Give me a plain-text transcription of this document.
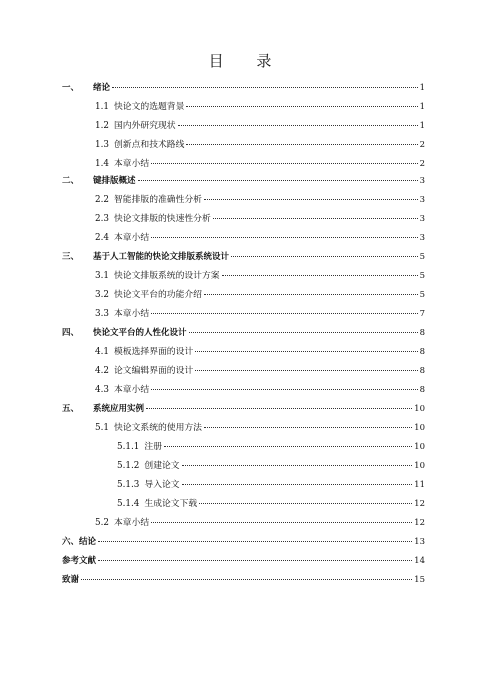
目 录
一、 绪论	1
1.1 快论文的选题背景	1
1.2 国内外研究现状	1
1.3 创新点和技术路线	2
1.4 本章小结	2
二、 键排版概述	3
2.2 智能排版的准确性分析	3
2.3 快论文排版的快速性分析	3
2.4 本章小结	3
三、 基于人工智能的快论文排版系统设计	5
3.1 快论文排版系统的设计方案	5
3.2 快论文平台的功能介绍	5
3.3 本章小结	7
四、 快论文平台的人性化设计	8
4.1 模板选择界面的设计	8
4.2 论文编辑界面的设计	8
4.3 本章小结	8
五、 系统应用实例	10
5.1 快论文系统的使用方法	10
5.1.1 注册	10
5.1.2 创建论文	10
5.1.3 导入论文	11
5.1.4 生成论文下载	12
5.2 本章小结	12
六、结论	13
参考文献	14
致谢	15
